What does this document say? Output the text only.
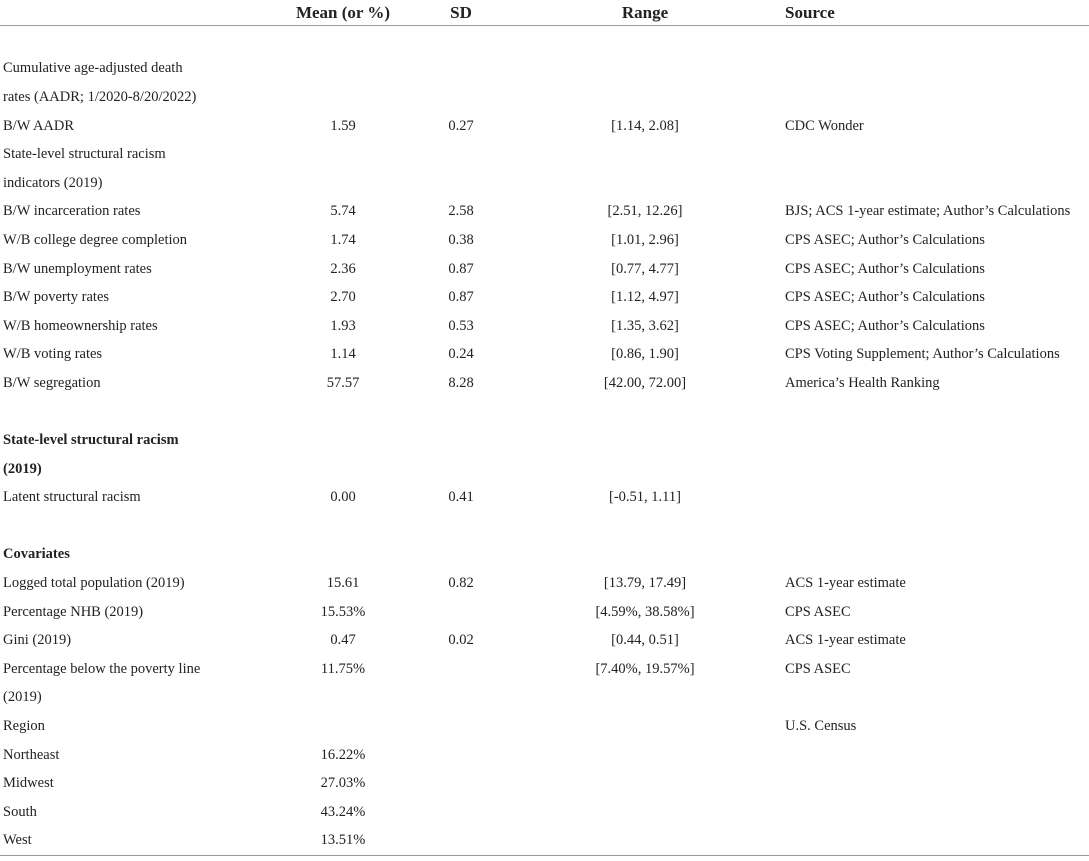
	Mean (or %)	SD	Range	Source

Cumulative age-adjusted death				
rates (AADR; 1/2020-8/20/2022)				
B/W AADR	1.59	0.27	[1.14, 2.08]	CDC Wonder
State-level structural racism				
indicators (2019)				
B/W incarceration rates	5.74	2.58	[2.51, 12.26]	BJS; ACS 1-year estimate; Author’s Calculations
W/B college degree completion	1.74	0.38	[1.01, 2.96]	CPS ASEC; Author’s Calculations
B/W unemployment rates	2.36	0.87	[0.77, 4.77]	CPS ASEC; Author’s Calculations
B/W poverty rates	2.70	0.87	[1.12, 4.97]	CPS ASEC; Author’s Calculations
W/B homeownership rates	1.93	0.53	[1.35, 3.62]	CPS ASEC; Author’s Calculations
W/B voting rates	1.14	0.24	[0.86, 1.90]	CPS Voting Supplement; Author’s Calculations
B/W segregation	57.57	8.28	[42.00, 72.00]	America’s Health Ranking

State-level structural racism				
(2019)				
Latent structural racism	0.00	0.41	[-0.51, 1.11]	

Covariates				
Logged total population (2019)	15.61	0.82	[13.79, 17.49]	ACS 1-year estimate
Percentage NHB (2019)	15.53%		[4.59%, 38.58%]	CPS ASEC
Gini (2019)	0.47	0.02	[0.44, 0.51]	ACS 1-year estimate
Percentage below the poverty line	11.75%		[7.40%, 19.57%]	CPS ASEC
(2019)				
Region				U.S. Census
Northeast	16.22%			
Midwest	27.03%			
South	43.24%			
West	13.51%			
